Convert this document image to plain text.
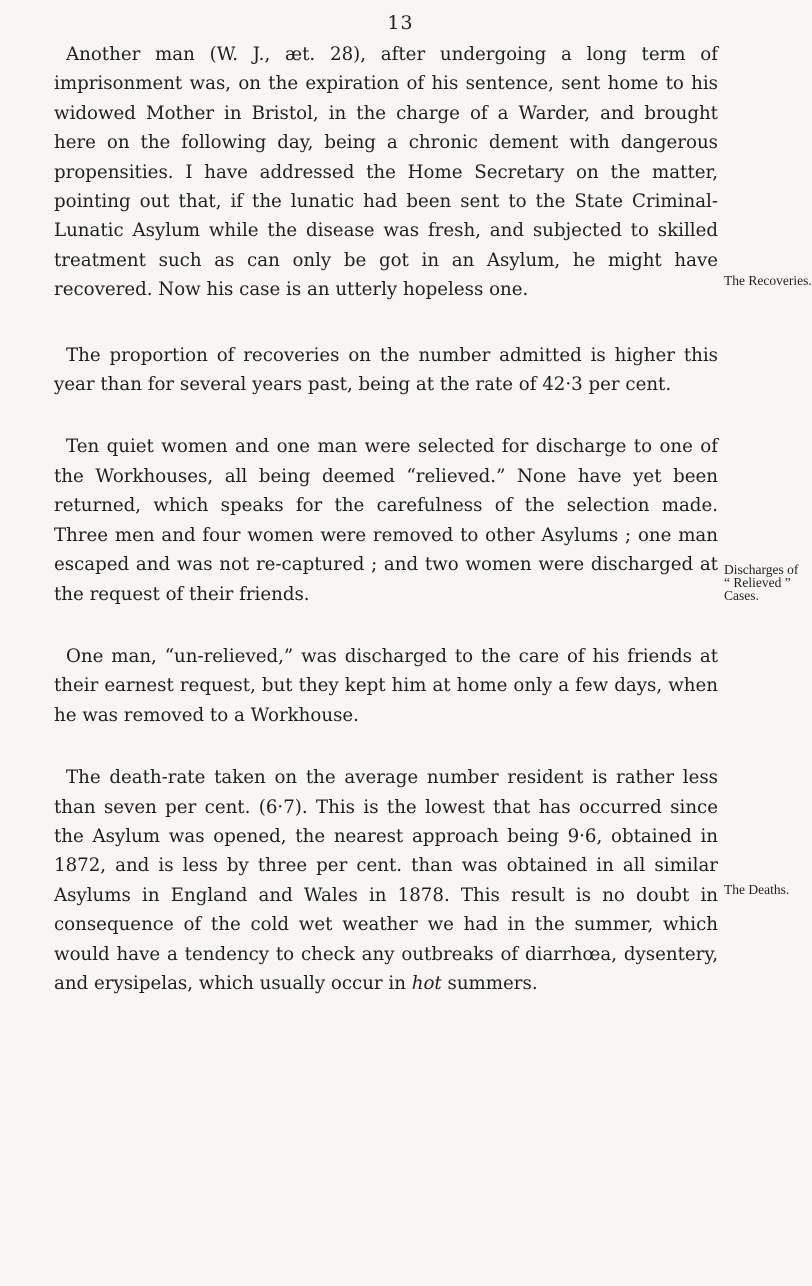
13

Another man (W. J., æt. 28), after undergoing a long term of imprisonment was, on the expiration of his sentence, sent home to his widowed Mother in Bristol, in the charge of a Warder, and brought here on the following day, being a chronic dement with dangerous propensities. I have addressed the Home Secretary on the matter, pointing out that, if the lunatic had been sent to the State Criminal-Lunatic Asylum while the disease was fresh, and subjected to skilled treatment such as can only be got in an Asylum, he might have recovered. Now his case is an utterly hopeless one.

The proportion of recoveries on the number admitted is higher this year than for several years past, being at the rate of 42·3 per cent.

Ten quiet women and one man were selected for discharge to one of the Workhouses, all being deemed “relieved.” None have yet been returned, which speaks for the carefulness of the selection made. Three men and four women were removed to other Asylums ; one man escaped and was not re-captured ; and two women were discharged at the request of their friends.

One man, “un-relieved,” was discharged to the care of his friends at their earnest request, but they kept him at home only a few days, when he was removed to a Workhouse.

The death-rate taken on the average number resident is rather less than seven per cent. (6·7). This is the lowest that has occurred since the Asylum was opened, the nearest approach being 9·6, obtained in 1872, and is less by three per cent. than was obtained in all similar Asylums in England and Wales in 1878. This result is no doubt in consequence of the cold wet weather we had in the summer, which would have a tendency to check any outbreaks of diarrhœa, dysentery, and erysipelas, which usually occur in hot summers.

The Recoveries.
Discharges of
“ Relieved ”
Cases.
The Deaths.
